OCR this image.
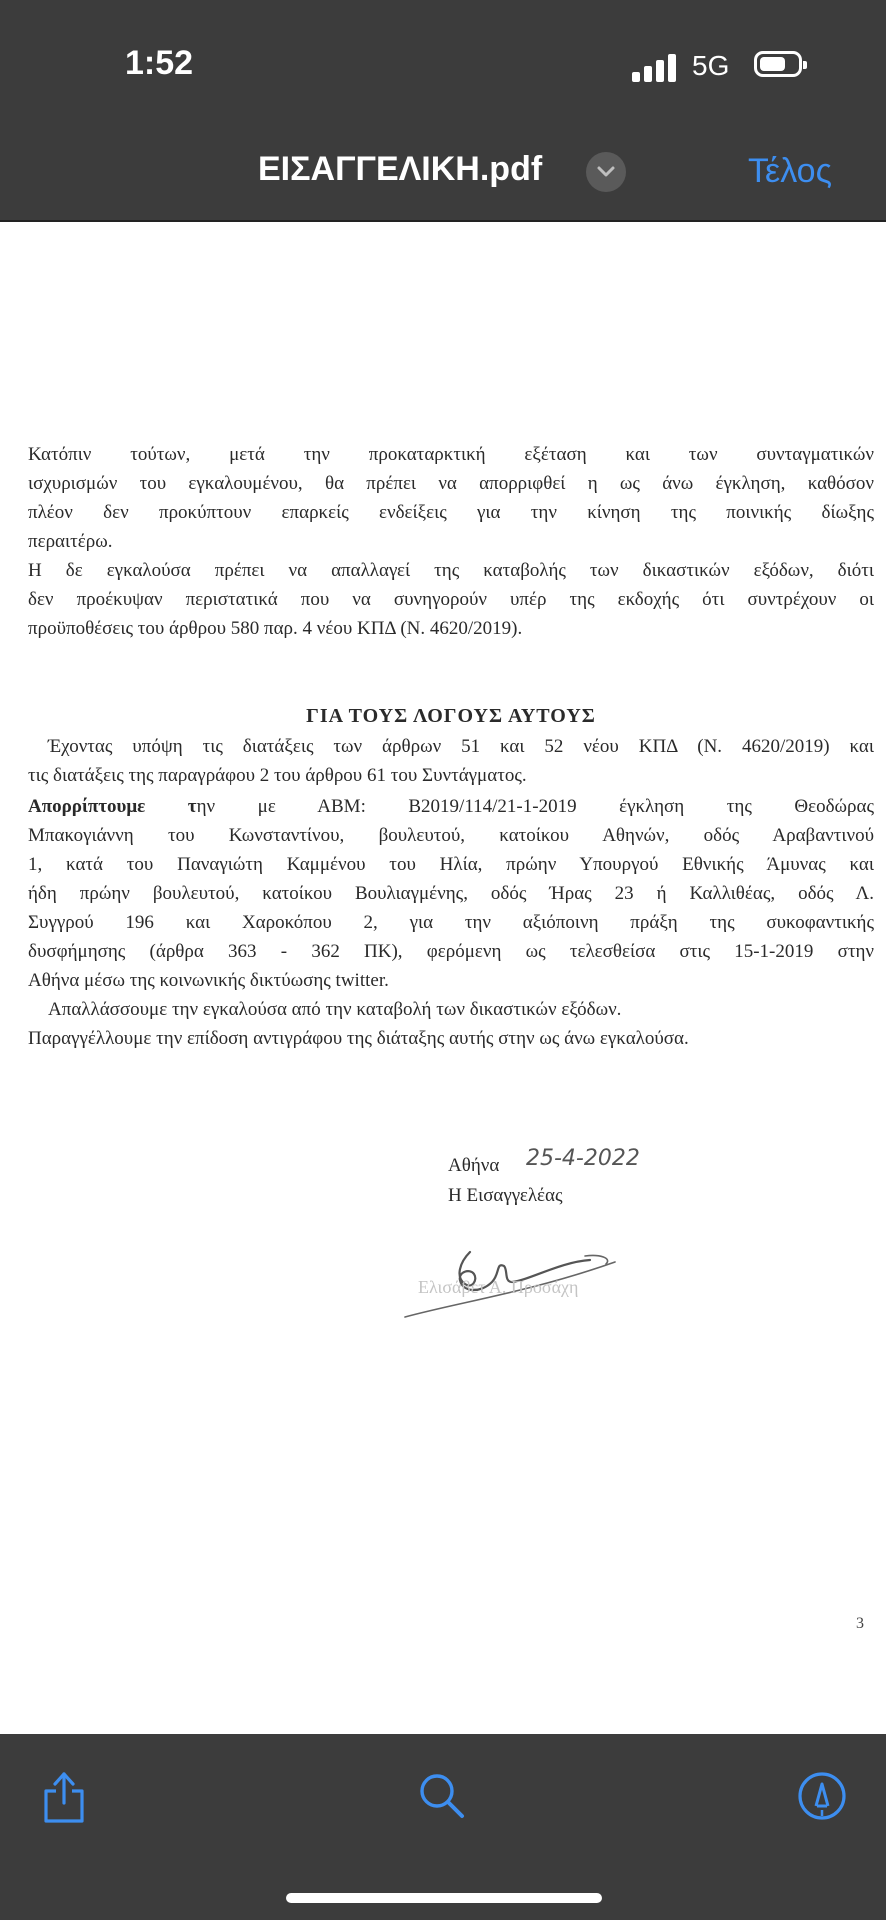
1:52	5G
ΕΙΣΑΓΓΕΛΙΚΗ.pdf	Τέλος
Κατόπιν τούτων, μετά την προκαταρκτική εξέταση και των συνταγματικών
ισχυρισμών του εγκαλουμένου, θα πρέπει να απορριφθεί η ως άνω έγκληση, καθόσον
πλέον δεν προκύπτουν επαρκείς ενδείξεις για την κίνηση της ποινικής δίωξης
περαιτέρω.
Η δε εγκαλούσα πρέπει να απαλλαγεί της καταβολής των δικαστικών εξόδων, διότι
δεν προέκυψαν περιστατικά που να συνηγορούν υπέρ της εκδοχής ότι συντρέχουν οι
προϋποθέσεις του άρθρου 580 παρ. 4 νέου ΚΠΔ (Ν. 4620/2019).
ΓΙΑ ΤΟΥΣ ΛΟΓΟΥΣ ΑΥΤΟΥΣ
Έχοντας υπόψη τις διατάξεις των άρθρων 51 και 52 νέου ΚΠΔ (Ν. 4620/2019) και
τις διατάξεις της παραγράφου 2 του άρθρου 61 του Συντάγματος.
Απορρίπτουμε την με ΑΒΜ: Β2019/114/21-1-2019 έγκληση της Θεοδώρας
Μπακογιάννη του Κωνσταντίνου, βουλευτού, κατοίκου Αθηνών, οδός Αραβαντινού
1, κατά του Παναγιώτη Καμμένου του Ηλία, πρώην Υπουργού Εθνικής Άμυνας και
ήδη πρώην βουλευτού, κατοίκου Βουλιαγμένης, οδός Ήρας 23 ή Καλλιθέας, οδός Λ.
Συγγρού 196 και Χαροκόπου 2, για την αξιόποινη πράξη της συκοφαντικής
δυσφήμησης (άρθρα 363 - 362 ΠΚ), φερόμενη ως τελεσθείσα στις 15-1-2019 στην
Αθήνα μέσω της κοινωνικής δικτύωσης twitter.
Απαλλάσσουμε την εγκαλούσα από την καταβολή των δικαστικών εξόδων.
Παραγγέλλουμε την επίδοση αντιγράφου της διάταξης αυτής στην ως άνω εγκαλούσα.
Αθήνα 25-4-2022
Η Εισαγγελέας
Ελισάβετ Α. Προσάχη
3
